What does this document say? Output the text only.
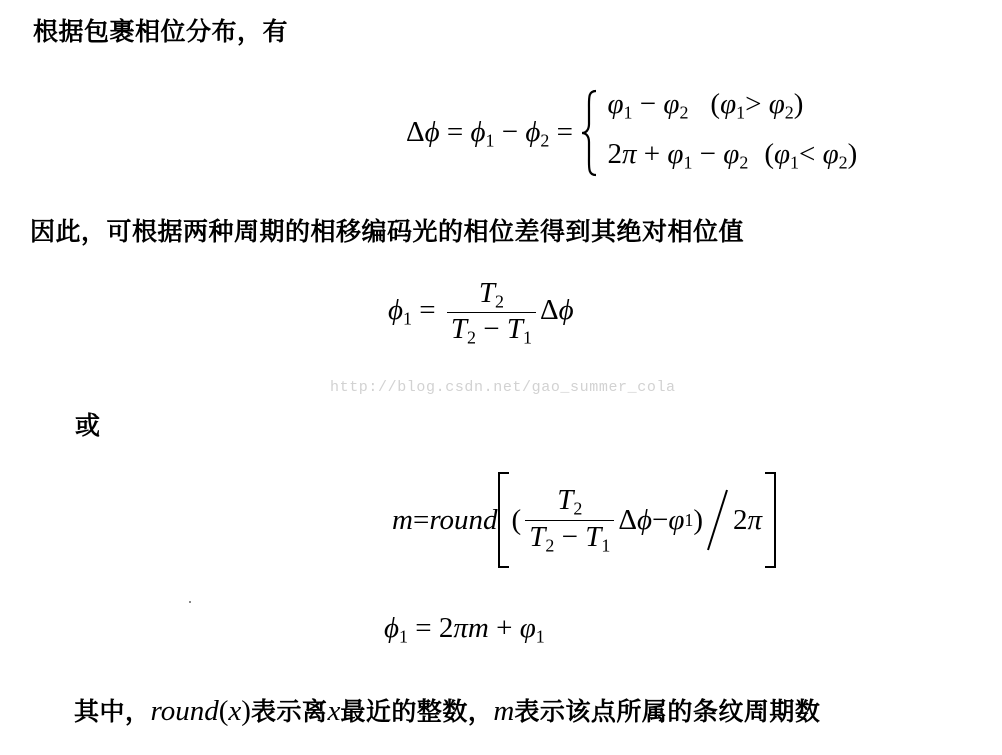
根据包裹相位分布，有
$\Delta\phi = \phi_1 - \phi_2$ =
$\varphi_1 - \varphi_2$ $(\varphi_1> \varphi_2)$
$2\pi + \varphi_1 - \varphi_2$ $(\varphi_1< \varphi_2)$
因此，可根据两种周期的相移编码光的相位差得到其绝对相位值
$\phi_1 = \frac{T_2}{T_2 - T_1}$ Δϕ
http://blog.csdn.net/gao_summer_cola
或
m = round ( $\frac{T_2}{T_2 - T_1}$ Δ ϕ − φ 1 ) 2 π
$\phi_1 = 2\pi m + \varphi_1$
其中，round(x)表示离x最近的整数，m表示该点所属的条纹周期数
